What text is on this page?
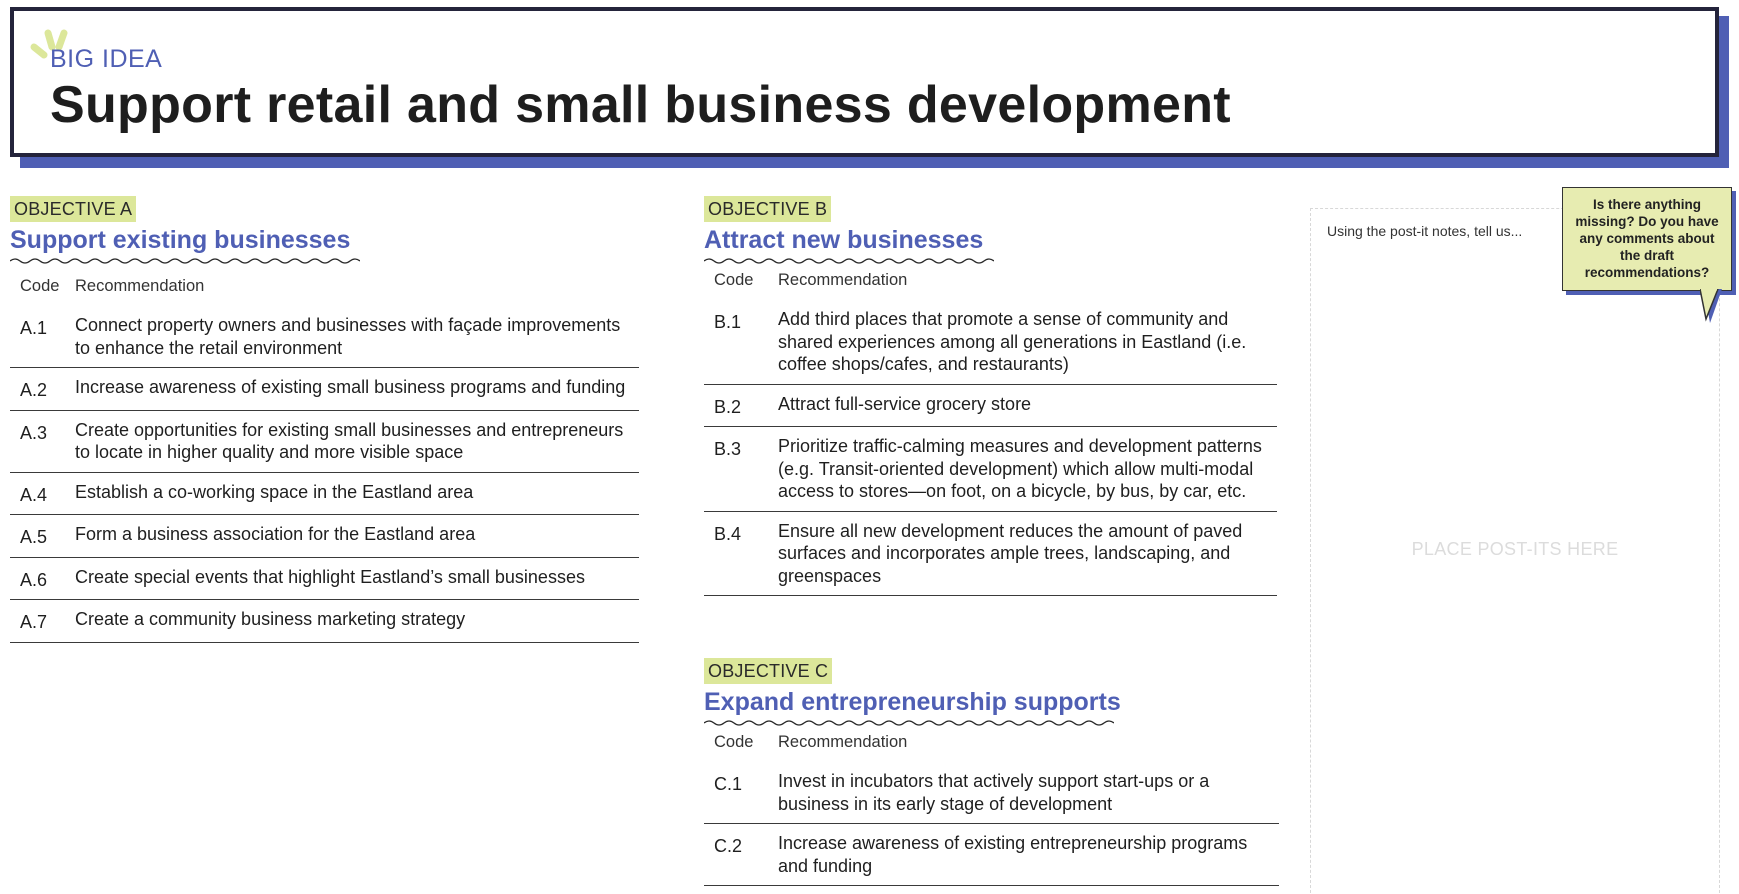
BIG IDEA
Support retail and small business development
OBJECTIVE A
Support existing businesses
Code	Recommendation
A.1	Connect property owners and businesses with façade improvements to enhance the retail environment
A.2	Increase awareness of existing small business programs and funding
A.3	Create opportunities for existing small businesses and entrepreneurs to locate in higher quality and more visible space
A.4	Establish a co-working space in the Eastland area
A.5	Form a business association for the Eastland area
A.6	Create special events that highlight Eastland’s small businesses
A.7	Create a community business marketing strategy
OBJECTIVE B
Attract new businesses
Code	Recommendation
B.1	Add third places that promote a sense of community and shared experiences among all generations in Eastland (i.e. coffee shops/cafes, and restaurants)
B.2	Attract full-service grocery store
B.3	Prioritize traffic-calming measures and development patterns (e.g. Transit-oriented development) which allow multi-modal access to stores—on foot, on a bicycle, by bus, by car, etc.
B.4	Ensure all new development reduces the amount of paved surfaces and incorporates ample trees, landscaping, and greenspaces
OBJECTIVE C
Expand entrepreneurship supports
Code	Recommendation
C.1	Invest in incubators that actively support start-ups or a business in its early stage of development
C.2	Increase awareness of existing entrepreneurship programs and funding
Using the post-it notes, tell us...
PLACE POST-ITS HERE
Is there anything missing? Do you have any comments about the draft recommendations?
